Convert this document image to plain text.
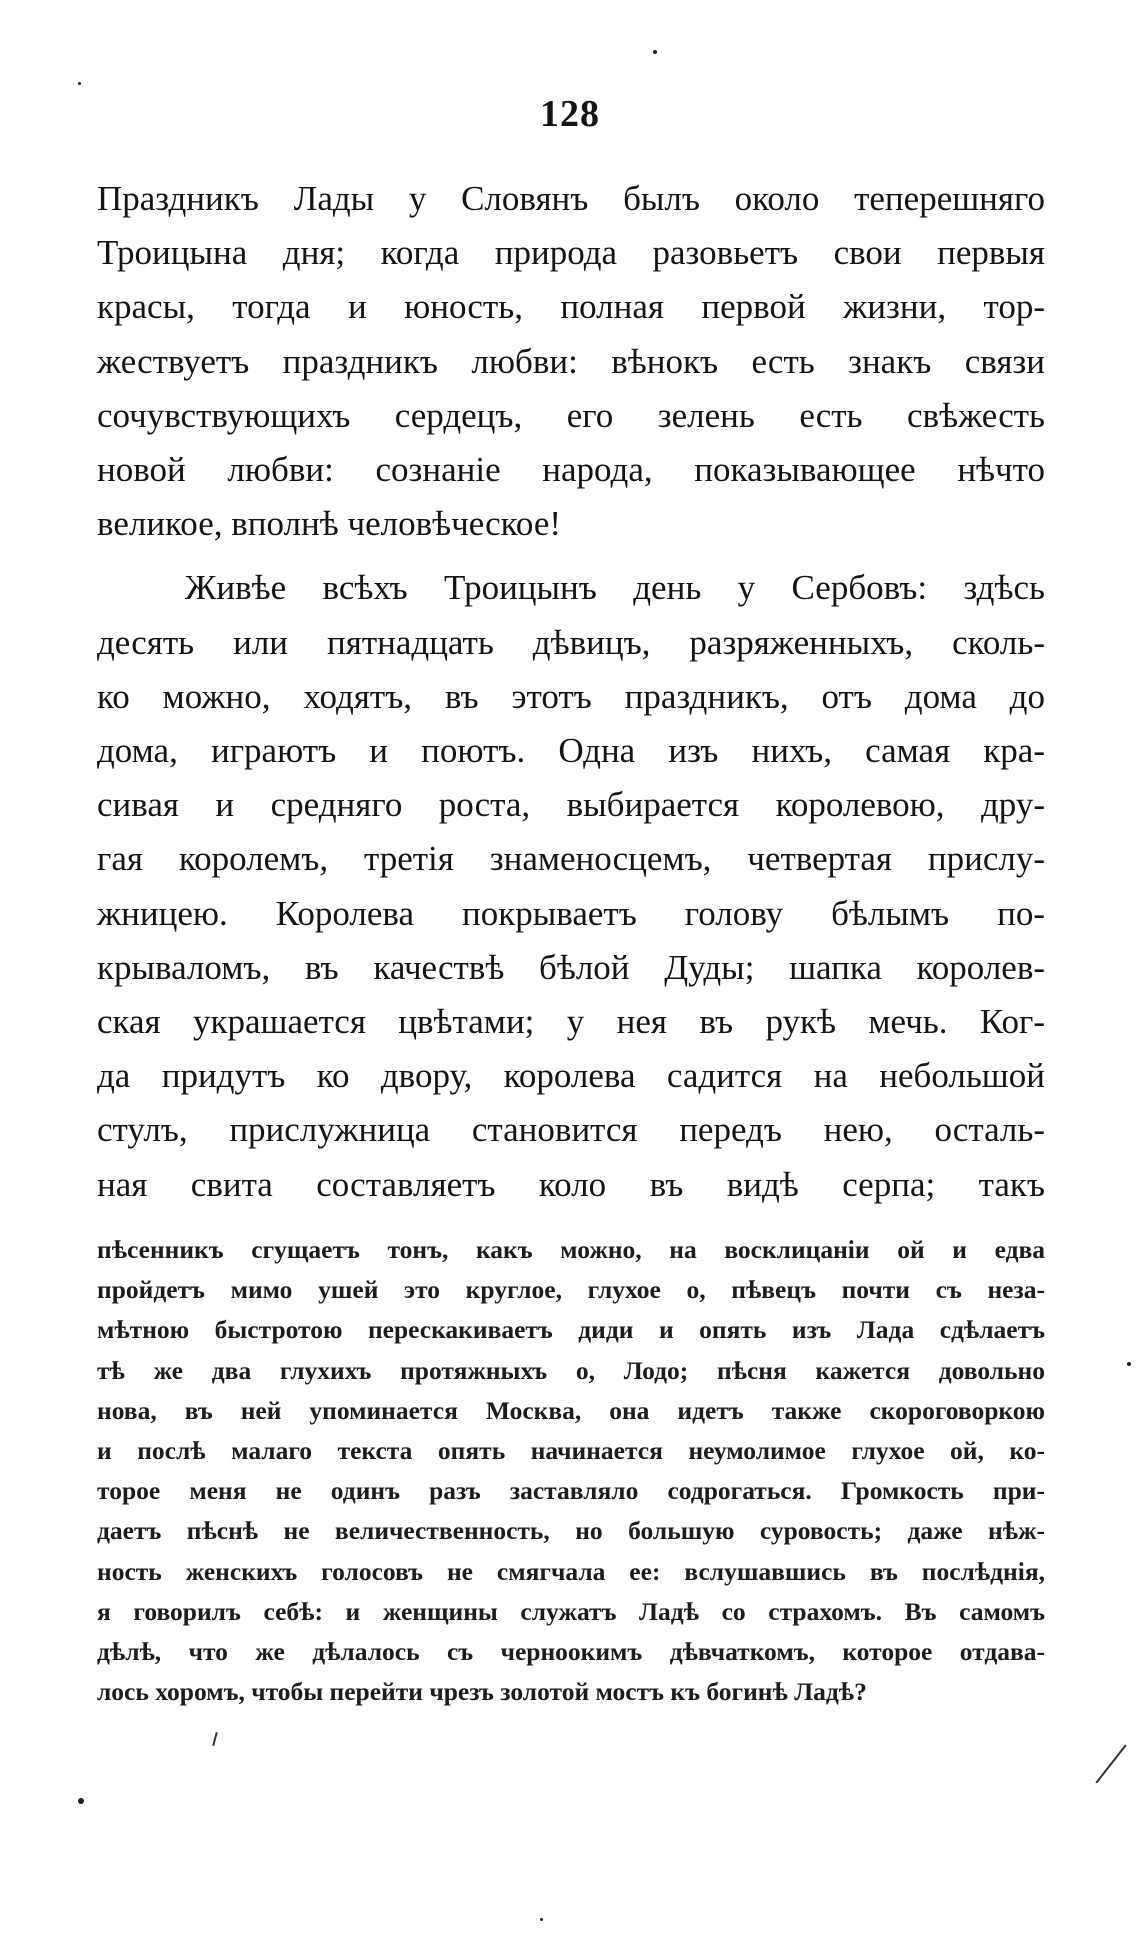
128
Праздникъ Лады у Словянъ былъ около теперешняго
Троицына дня; когда природа разовьетъ свои первыя
красы, тогда и юность, полная первой жизни, тор-
жествуетъ праздникъ любви: вѣнокъ есть знакъ связи
сочувствующихъ сердецъ, его зелень есть свѣжесть
новой любви: сознаніе народа, показывающее нѣчто
великое, вполнѣ человѣческое!
Живѣе всѣхъ Троицынъ день у Сербовъ: здѣсь
десять или пятнадцать дѣвицъ, разряженныхъ, сколь-
ко можно, ходятъ, въ этотъ праздникъ, отъ дома до
дома, играютъ и поютъ. Одна изъ нихъ, самая кра-
сивая и средняго роста, выбирается королевою, дру-
гая королемъ, третія знаменосцемъ, четвертая прислу-
жницею. Королева покрываетъ голову бѣлымъ по-
крываломъ, въ качествѣ бѣлой Дуды; шапка королев-
ская украшается цвѣтами; у нея въ рукѣ мечь. Ког-
да придутъ ко двору, королева садится на небольшой
стулъ, прислужница становится передъ нею, осталь-
ная свита составляетъ коло въ видѣ серпа; такъ
пѣсенникъ сгущаетъ тонъ, какъ можно, на восклицаніи ой и едва
пройдетъ мимо ушей это круглое, глухое о, пѣвецъ почти съ неза-
мѣтною быстротою перескакиваетъ диди и опять изъ Лада сдѣлаетъ
тѣ же два глухихъ протяжныхъ о, Лодо; пѣсня кажется довольно
нова, въ ней упоминается Москва, она идетъ также скороговоркою
и послѣ малаго текста опять начинается неумолимое глухое ой, ко-
торое меня не одинъ разъ заставляло содрогаться. Громкость при-
даетъ пѣснѣ не величественность, но большую суровость; даже нѣж-
ность женскихъ голосовъ не смягчала ее: вслушавшись въ послѣднія,
я говорилъ себѣ: и женщины служатъ Ладѣ со страхомъ. Въ самомъ
дѣлѣ, что же дѣлалось съ черноокимъ дѣвчаткомъ, которое отдава-
лось хоромъ, чтобы перейти чрезъ золотой мостъ къ богинѣ Ладѣ?
